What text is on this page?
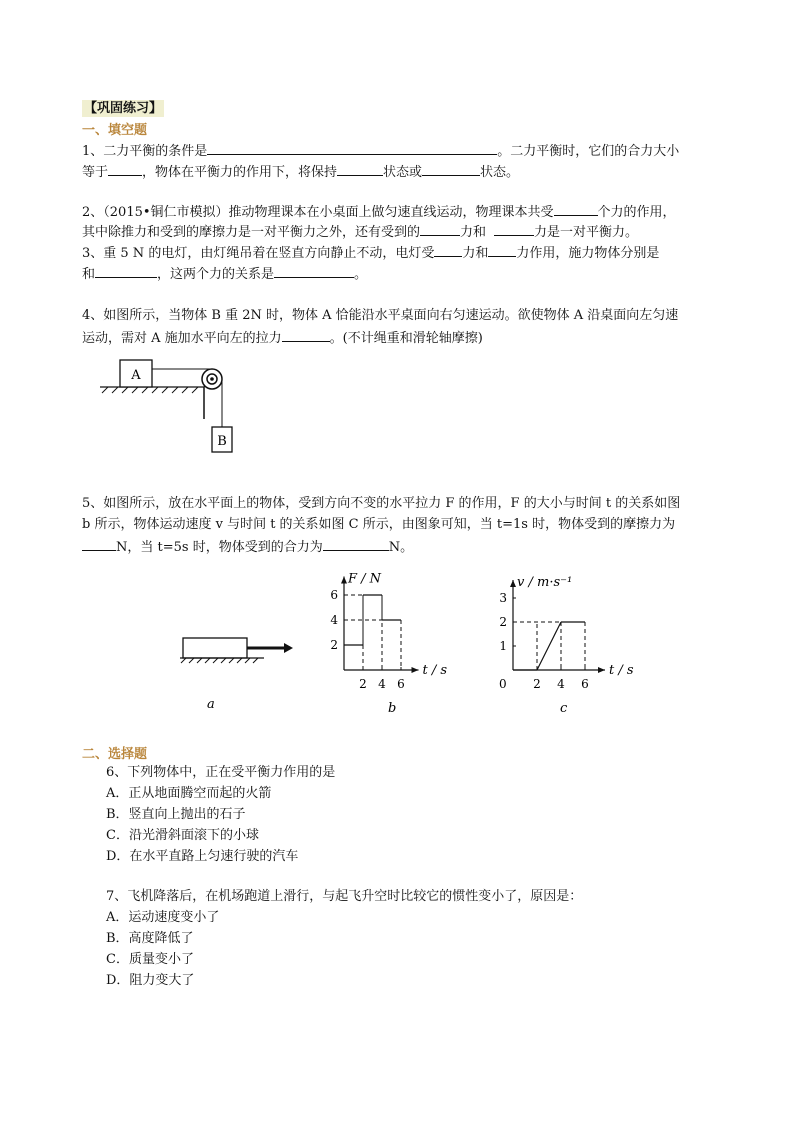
【巩固练习】
一、填空题
1、二力平衡的条件是	。二力平衡时，它们的合力大小
等于	，物体在平衡力的作用下，将保持	状态或	状态。
2、（2015•铜仁市模拟）推动物理课本在小桌面上做匀速直线运动，物理课本共受	个力的作用，
其中除推力和受到的摩擦力是一对平衡力之外，还有受到的	力和	力是一对平衡力。
3、重 5 N 的电灯，由灯绳吊着在竖直方向静止不动，电灯受 力和 力作用，施力物体分别是
和	，这两个力的关系是	。
4、如图所示，当物体 B 重 2N 时，物体 A 恰能沿水平桌面向右匀速运动。欲使物体 A 沿桌面向左匀速
运动，需对 A 施加水平向左的拉力	。(不计绳重和滑轮轴摩擦)
A
B
5、如图所示，放在水平面上的物体，受到方向不变的水平拉力 F 的作用，F 的大小与时间 t 的关系如图
b 所示，物体运动速度 v 与时间 t 的关系如图 C 所示，由图象可知，当 t=1s 时，物体受到的摩擦力为
N，当 t=5s 时，物体受到的合力为	N。
a
F / N
t / s
2 4 6
2
4
6
b
v / m·s⁻¹
t / s
0 2 4 6
1
2
3
c
二、选择题
6、下列物体中，正在受平衡力作用的是
A．正从地面腾空而起的火箭
B．竖直向上抛出的石子
C．沿光滑斜面滚下的小球
D．在水平直路上匀速行驶的汽车
7、飞机降落后，在机场跑道上滑行，与起飞升空时比较它的惯性变小了，原因是：
A．运动速度变小了
B．高度降低了
C．质量变小了
D．阻力变大了
